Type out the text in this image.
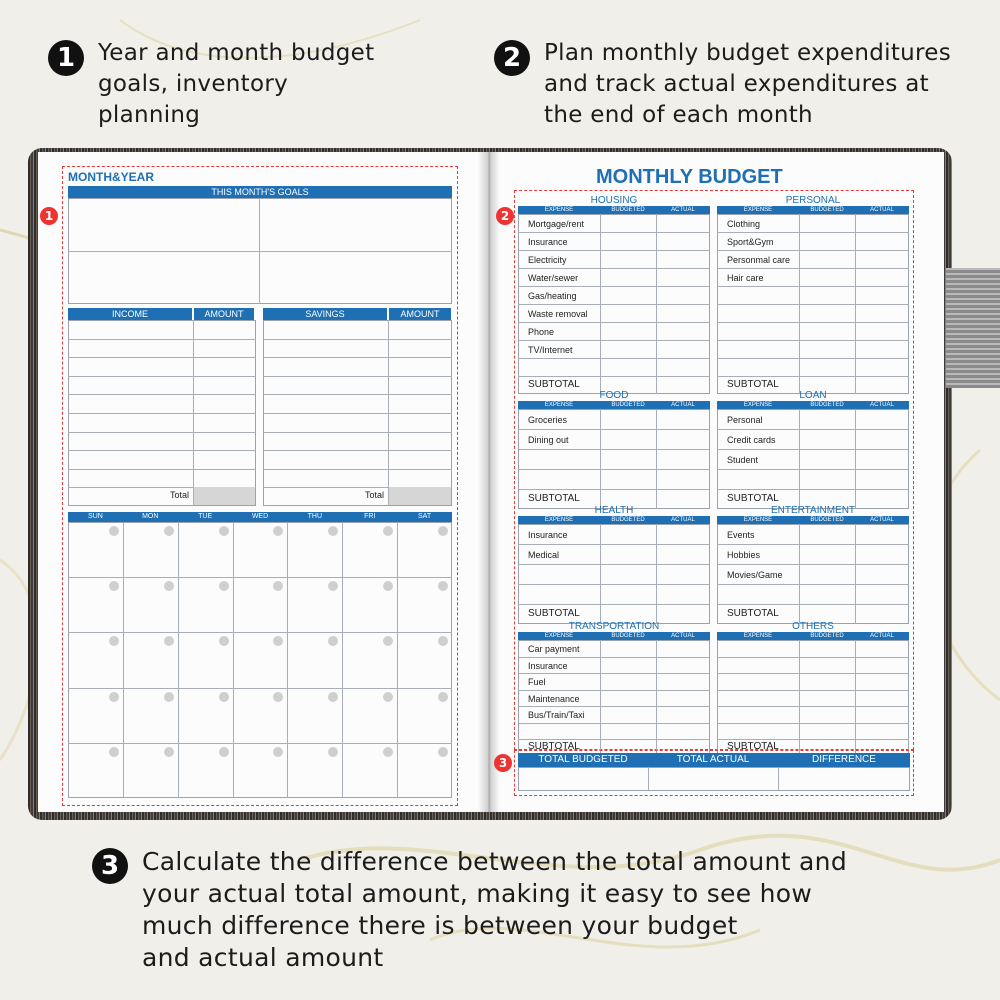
1 Year and month budget
goals, inventory
planning
2 Plan monthly budget expenditures
and track actual expenditures at
the end of each month
3 Calculate the difference between the total amount and
your actual total amount, making it easy to see how
much difference there is between your budget
and actual amount
1
MONTH&YEAR
THIS MONTH'S GOALS
INCOME	AMOUNT	SAVINGS	AMOUNT
Total	Total
SUN	MON	TUE	WED	THU	FRI	SAT
MONTHLY BUDGET
2
HOUSING
EXPENSE	BUDGETED	ACTUAL
Mortgage/rent
Insurance
Electricity
Water/sewer
Gas/heating
Waste removal
Phone
TV/Internet
SUBTOTAL
PERSONAL
EXPENSE	BUDGETED	ACTUAL
Clothing
Sport&Gym
Personmal care
Hair care
SUBTOTAL
FOOD
EXPENSE	BUDGETED	ACTUAL
Groceries
Dining out
SUBTOTAL
LOAN
EXPENSE	BUDGETED	ACTUAL
Personal
Credit cards
Student
SUBTOTAL
HEALTH
EXPENSE	BUDGETED	ACTUAL
Insurance
Medical
SUBTOTAL
ENTERTAINMENT
EXPENSE	BUDGETED	ACTUAL
Events
Hobbies
Movies/Game
SUBTOTAL
TRANSPORTATION
EXPENSE	BUDGETED	ACTUAL
Car payment
Insurance
Fuel
Maintenance
Bus/Train/Taxi
SUBTOTAL
OTHERS
EXPENSE	BUDGETED	ACTUAL
SUBTOTAL
3	TOTAL BUDGETED	TOTAL ACTUAL	DIFFERENCE
